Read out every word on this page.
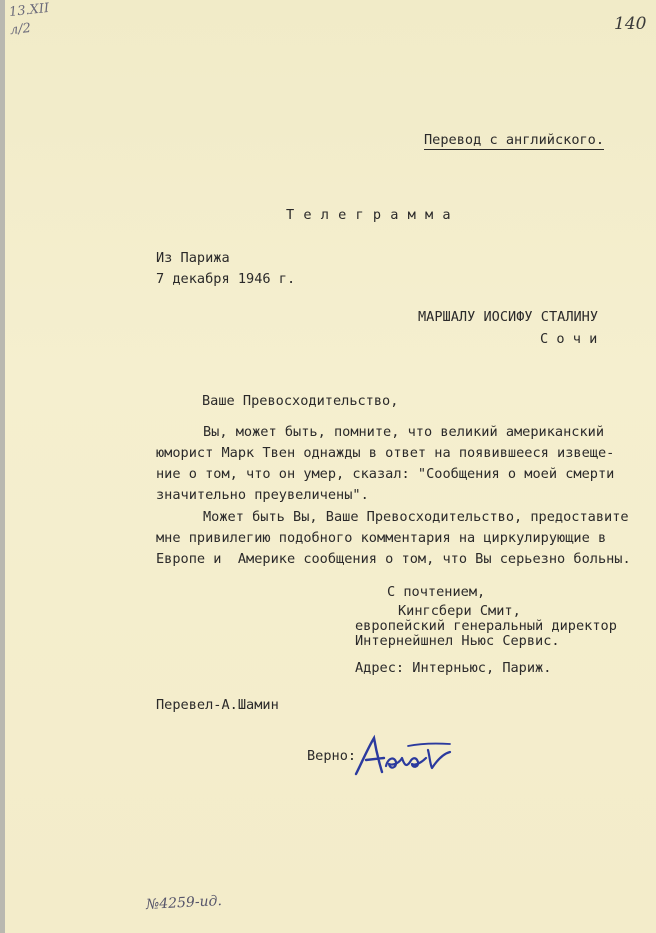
13.XII
л/2	140
Перевод с английского.
Т е л е г р а м м а
Из Парижа
7 декабря 1946 г.
МАРШАЛУ ИОСИФУ СТАЛИНУ
С о ч и
Ваше Превосходительство,
Вы, может быть, помните, что великий американский
юморист Марк Твен однажды в ответ на появившееся извеще-
ние о том, что он умер, сказал: "Сообщения о моей смерти
значительно преувеличены".
Может быть Вы, Ваше Превосходительство, предоставите
мне привилегию подобного комментария на циркулирующие в
Европе и  Америке сообщения о том, что Вы серьезно больны.
С почтением,
Кингсбери Смит,
европейский генеральный директор
Интернейшнел Ньюс Сервис.
Адрес: Интерньюс, Париж.
Перевел-А.Шамин
Верно:
№4259-ид.
